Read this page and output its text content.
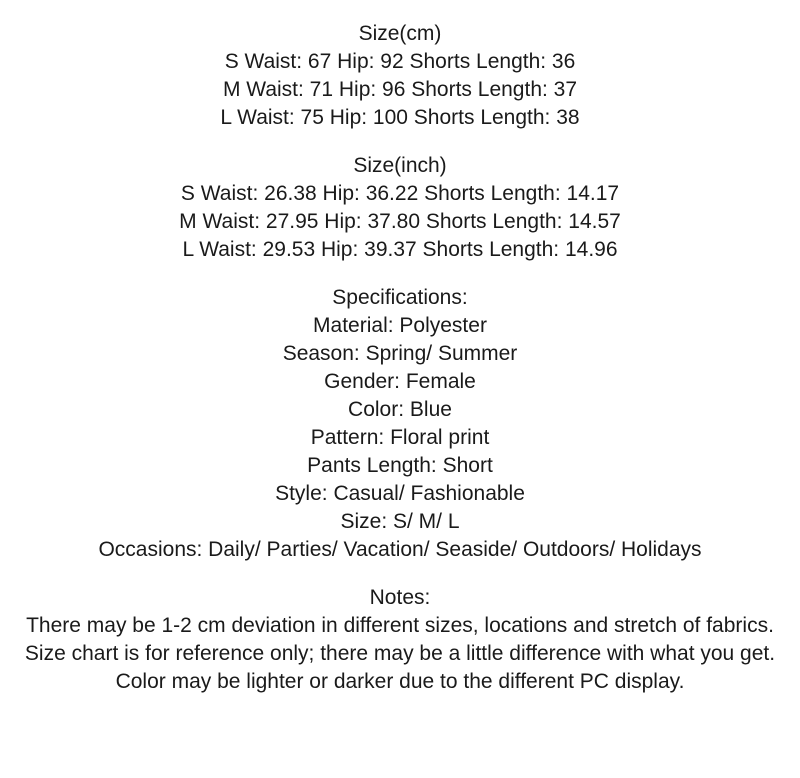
Size(cm)
S Waist: 67 Hip: 92 Shorts Length: 36
M Waist: 71 Hip: 96 Shorts Length: 37
L Waist: 75 Hip: 100 Shorts Length: 38
Size(inch)
S Waist: 26.38 Hip: 36.22 Shorts Length: 14.17
M Waist: 27.95 Hip: 37.80 Shorts Length: 14.57
L Waist: 29.53 Hip: 39.37 Shorts Length: 14.96
Specifications:
Material: Polyester
Season: Spring/ Summer
Gender: Female
Color: Blue
Pattern: Floral print
Pants Length: Short
Style: Casual/ Fashionable
Size: S/ M/ L
Occasions: Daily/ Parties/ Vacation/ Seaside/ Outdoors/ Holidays
Notes:
There may be 1-2 cm deviation in different sizes, locations and stretch of fabrics.
Size chart is for reference only; there may be a little difference with what you get.
Color may be lighter or darker due to the different PC display.
